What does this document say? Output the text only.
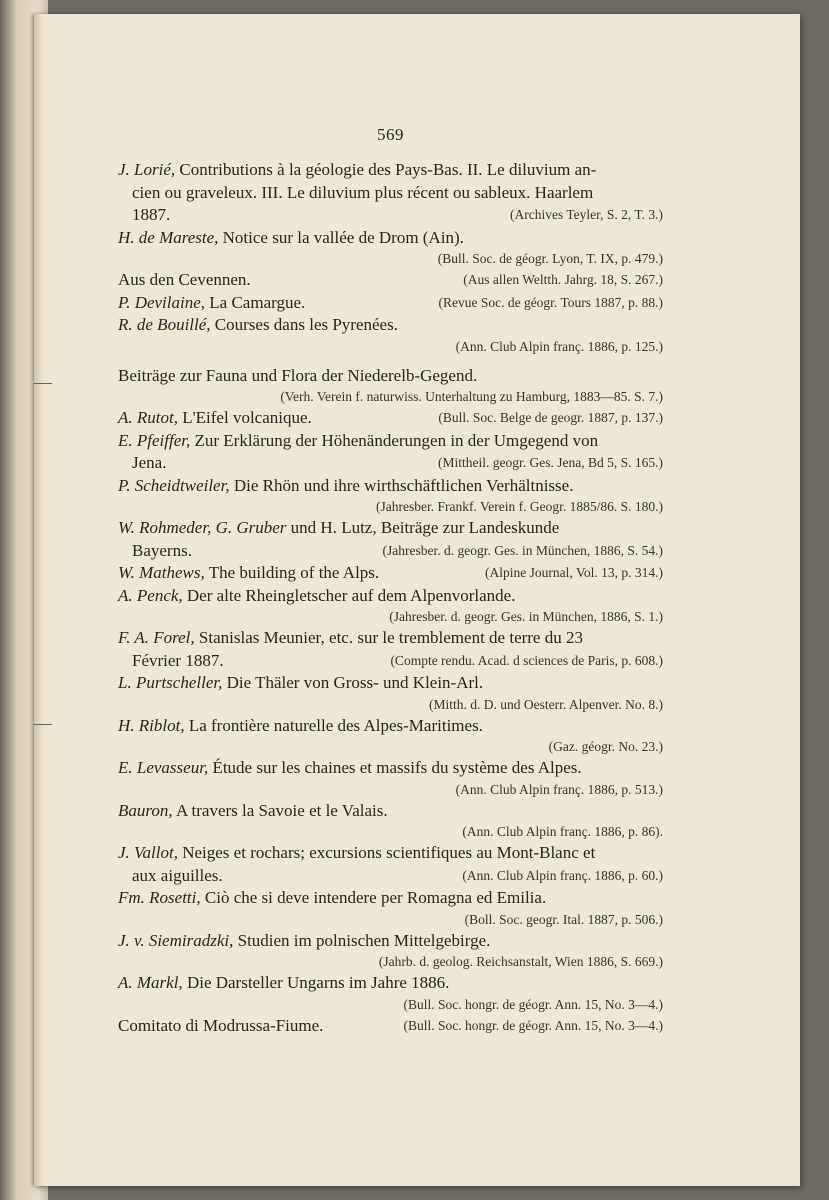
569
J. Lorié, Contributions à la géologie des Pays-Bas. II. Le diluvium an-
cien ou graveleux. III. Le diluvium plus récent ou sableux. Haarlem
1887.	(Archives Teyler, S. 2, T. 3.)
H. de Mareste, Notice sur la vallée de Drom (Ain).
(Bull. Soc. de géogr. Lyon, T. IX, p. 479.)
Aus den Cevennen.	(Aus allen Weltth. Jahrg. 18, S. 267.)
P. Devilaine, La Camargue.	(Revue Soc. de géogr. Tours 1887, p. 88.)
R. de Bouillé, Courses dans les Pyrenées.
(Ann. Club Alpin franç. 1886, p. 125.)
Beiträge zur Fauna und Flora der Niederelb-Gegend.
(Verh. Verein f. naturwiss. Unterhaltung zu Hamburg, 1883—85. S. 7.)
A. Rutot, L'Eifel volcanique.	(Bull. Soc. Belge de geogr. 1887, p. 137.)
E. Pfeiffer, Zur Erklärung der Höhenänderungen in der Umgegend von
Jena.	(Mittheil. geogr. Ges. Jena, Bd 5, S. 165.)
P. Scheidtweiler, Die Rhön und ihre wirthschäftlichen Verhältnisse.
(Jahresber. Frankf. Verein f. Geogr. 1885/86. S. 180.)
W. Rohmeder, G. Gruber und H. Lutz, Beiträge zur Landeskunde
Bayerns.	(Jahresber. d. geogr. Ges. in München, 1886, S. 54.)
W. Mathews, The building of the Alps.	(Alpine Journal, Vol. 13, p. 314.)
A. Penck, Der alte Rheingletscher auf dem Alpenvorlande.
(Jahresber. d. geogr. Ges. in München, 1886, S. 1.)
F. A. Forel, Stanislas Meunier, etc. sur le tremblement de terre du 23
Février 1887.	(Compte rendu. Acad. d sciences de Paris, p. 608.)
L. Purtscheller, Die Thäler von Gross- und Klein-Arl.
(Mitth. d. D. und Oesterr. Alpenver. No. 8.)
H. Riblot, La frontière naturelle des Alpes-Maritimes.
(Gaz. géogr. No. 23.)
E. Levasseur, Étude sur les chaines et massifs du système des Alpes.
(Ann. Club Alpin franç. 1886, p. 513.)
Bauron, A travers la Savoie et le Valais.
(Ann. Club Alpin franç. 1886, p. 86).
J. Vallot, Neiges et rochars; excursions scientifiques au Mont-Blanc et
aux aiguilles.	(Ann. Club Alpin franç. 1886, p. 60.)
Fm. Rosetti, Ciò che si deve intendere per Romagna ed Emilia.
(Boll. Soc. geogr. Ital. 1887, p. 506.)
J. v. Siemiradzki, Studien im polnischen Mittelgebirge.
(Jahrb. d. geolog. Reichsanstalt, Wien 1886, S. 669.)
A. Markl, Die Darsteller Ungarns im Jahre 1886.
(Bull. Soc. hongr. de géogr. Ann. 15, No. 3—4.)
Comitato di Modrussa-Fiume.	(Bull. Soc. hongr. de géogr. Ann. 15, No. 3—4.)
